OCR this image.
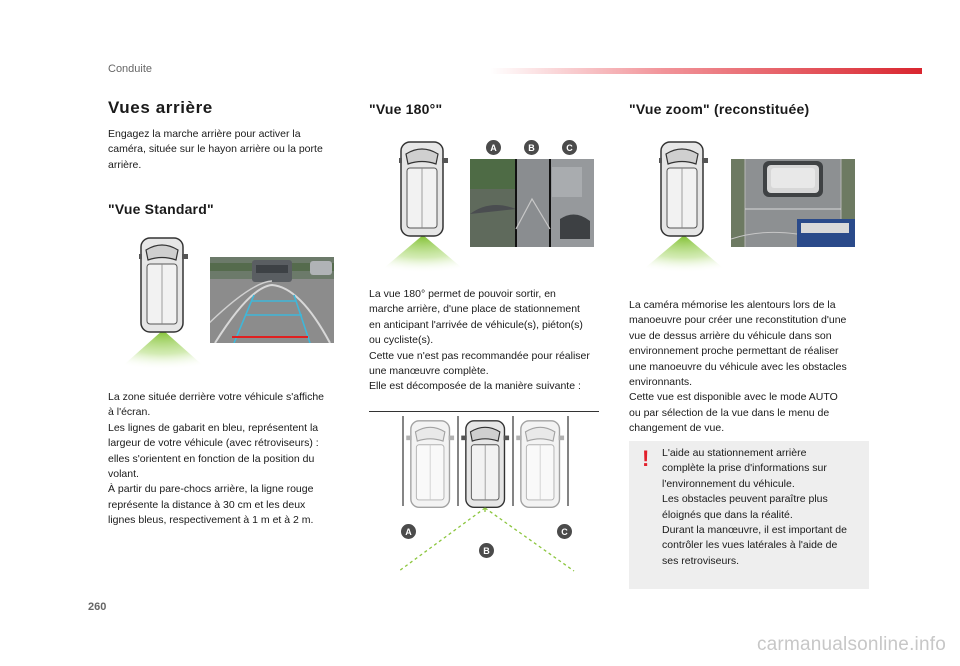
Conduite
Vues arrière
Engagez la marche arrière pour activer la
caméra, située sur le hayon arrière ou la porte
arrière.
"Vue Standard"
La zone située derrière votre véhicule s'affiche
à l'écran.
Les lignes de gabarit en bleu, représentent la
largeur de votre véhicule (avec rétroviseurs) :
elles s'orientent en fonction de la position du
volant.
À partir du pare-chocs arrière, la ligne rouge
représente la distance à 30 cm et les deux
lignes bleus, respectivement à 1 m et à 2 m.
"Vue 180°"
A	B	C
La vue 180° permet de pouvoir sortir, en
marche arrière, d'une place de stationnement
en anticipant l'arrivée de véhicule(s), piéton(s)
ou cycliste(s).
Cette vue n'est pas recommandée pour réaliser
une manœuvre complète.
Elle est décomposée de la manière suivante :
A
B
C
"Vue zoom" (reconstituée)
La caméra mémorise les alentours lors de la
manoeuvre pour créer une reconstitution d'une
vue de dessus arrière du véhicule dans son
environnement proche permettant de réaliser
une manoeuvre du véhicule avec les obstacles
environnants.
Cette vue est disponible avec le mode AUTO
ou par sélection de la vue dans le menu de
changement de vue.
! L'aide au stationnement arrière
complète la prise d'informations sur
l'environnement du véhicule.
Les obstacles peuvent paraître plus
éloignés que dans la réalité.
Durant la manœuvre, il est important de
contrôler les vues latérales à l'aide de
ses retroviseurs.
260
carmanualsonline.info
